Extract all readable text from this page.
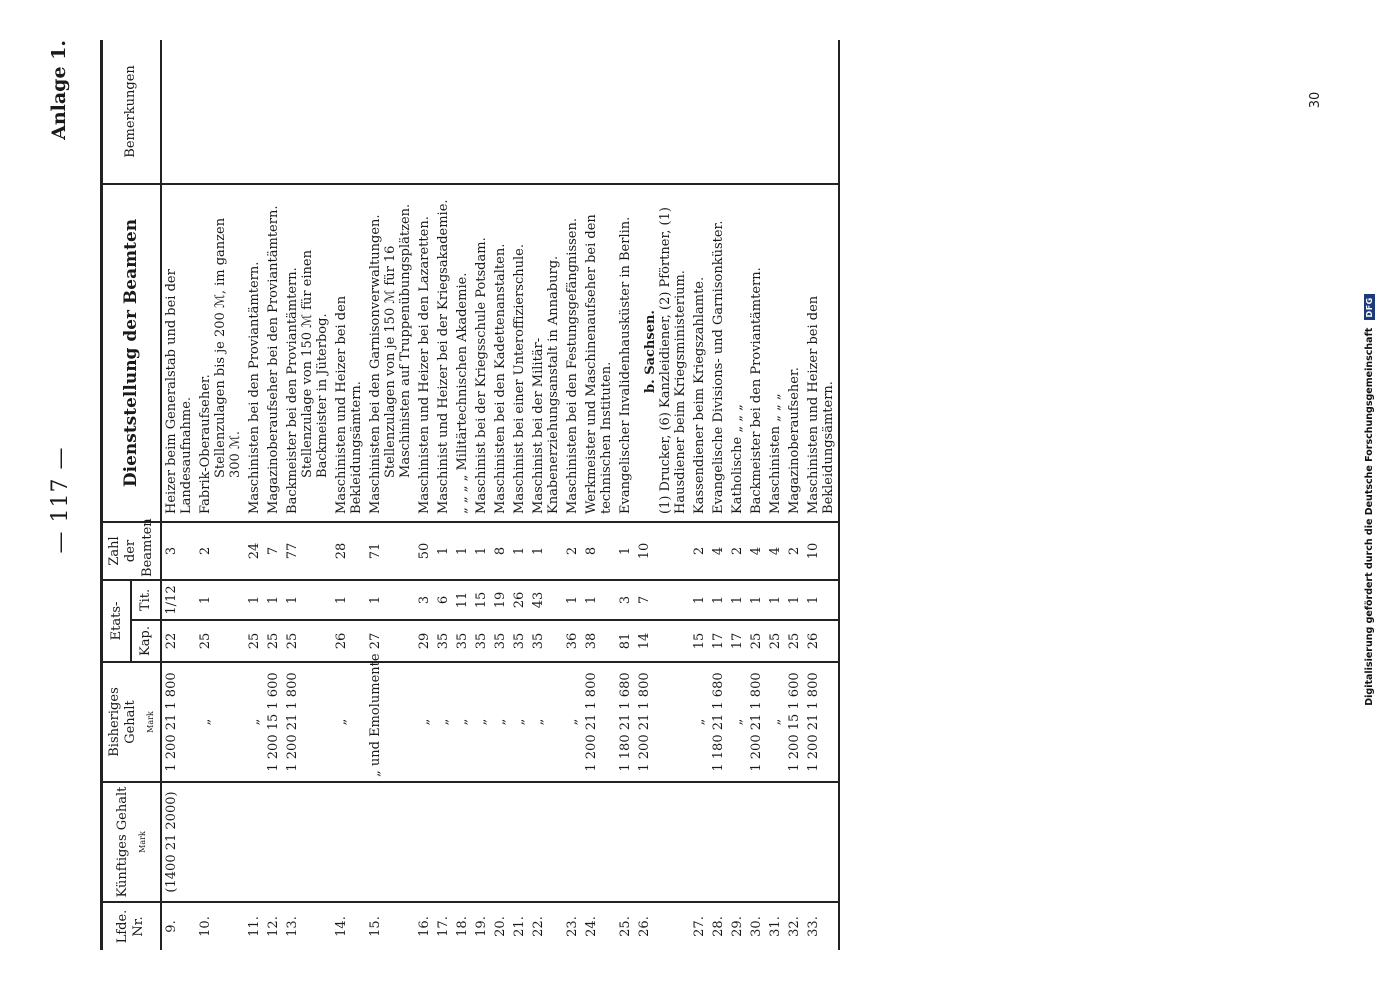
— 117 —
Anlage 1.
Lfde. Nr.	Künftiges Gehalt Mark	Bisheriges Gehalt Mark	Etats-		Zahl der Beamten	Dienststellung der Beamten	Bemerkungen
			Kap.	Tit.			
9.	(1400 21 2000)	1 200 21 1 800	22	1/12	3	Heizer beim Generalstab und bei der Landesaufnahme.	

10.		„	25	1	2	Fabrik-Oberaufseher. Stellenzulagen bis je 200 ℳ, im ganzen 300 ℳ.	

11.		„	25	1	24	Maschinisten bei den Proviantämtern.	

12.		1 200 15 1 600	25	1	7	Magazinoberaufseher bei den Proviantämtern.	

13.		1 200 21 1 800	25	1	77	Backmeister bei den Proviantämtern. Stellenzulage von 150 ℳ für einen Backmeister in Jüterbog.	

14.		„	26	1	28	Maschinisten und Heizer bei den Bekleidungsämtern.	

15.		„ und Emolumente	27	1	71	Maschinisten bei den Garnisonverwaltungen. Stellenzulagen von je 150 ℳ für 16 Maschinisten auf Truppenübungsplätzen.	

16.		„	29	3	50	Maschinisten und Heizer bei den Lazaretten.	

17.		„	35	6	1	Maschinist und Heizer bei der Kriegsakademie.	

18.		„	35	11	1	„ „ „ „ Militärtechnischen Akademie.	

19.		„	35	15	1	Maschinist bei der Kriegsschule Potsdam.	

20.		„	35	19	8	Maschinisten bei den Kadettenanstalten.	

21.		„	35	26	1	Maschinist bei einer Unteroffizierschule.	

22.		„	35	43	1	Maschinist bei der Militär-Knabenerziehungsanstalt in Annaburg.	

23.		„	36	1	2	Maschinisten bei den Festungsgefängnissen.	

24.		1 200 21 1 800	38	1	8	Werkmeister und Maschinenaufseher bei den technischen Instituten.	

25.		1 180 21 1 680	81	3	1	Evangelischer Invalidenhausküster in Berlin.	

26.		1 200 21 1 800	14	7	10	b. Sachsen. (1) Drucker, (6) Kanzleidiener, (2) Pförtner, (1) Hausdiener beim Kriegsministerium.	

27.		„	15	1	2	Kassendiener beim Kriegszahlamte.	

28.		1 180 21 1 680	17	1	4	Evangelische Divisions- und Garnisonküster.	

29.		„	17	1	2	Katholische „ „ „	

30.		1 200 21 1 800	25	1	4	Backmeister bei den Proviantämtern.	

31.		„	25	1	4	Maschinisten „ „ „	

32.		1 200 15 1 600	25	1	2	Magazinoberaufseher.	

33.		1 200 21 1 800	26	1	10	Maschinisten und Heizer bei den Bekleidungsämtern.	

30
Digitalisierung gefördert durch die Deutsche Forschungsgemeinschaft DFG
